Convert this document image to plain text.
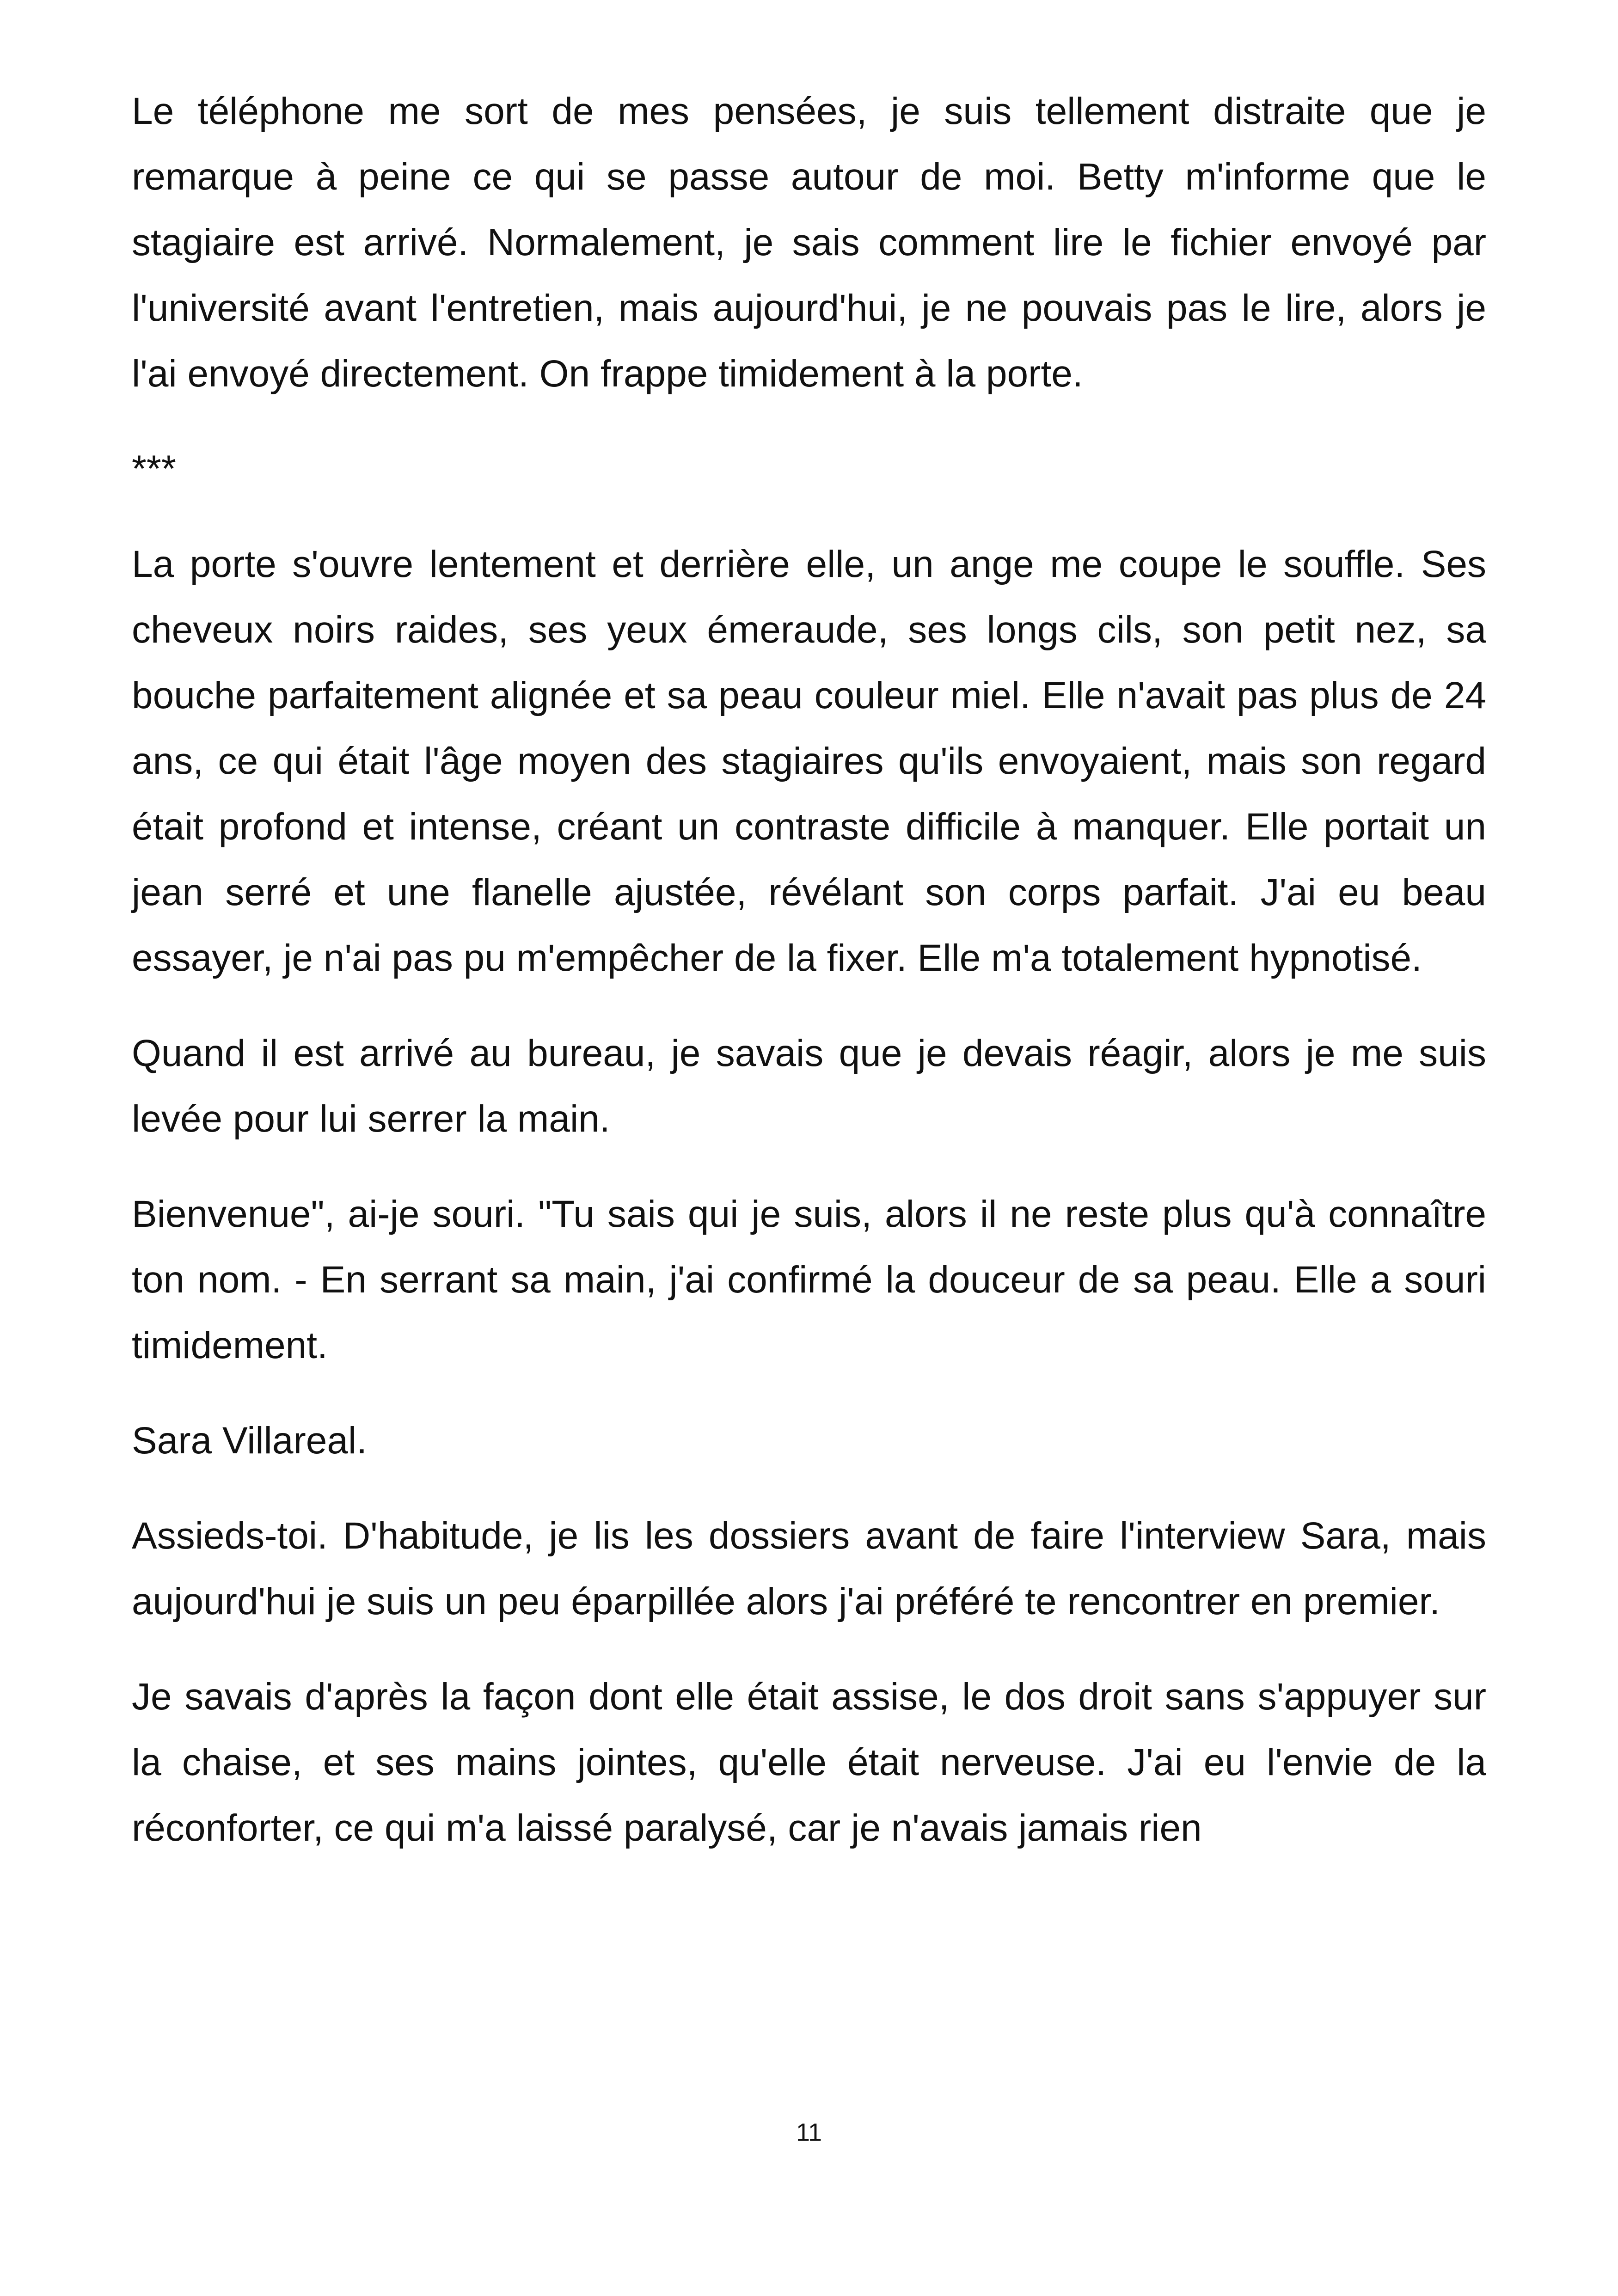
Le téléphone me sort de mes pensées, je suis tellement distraite que je remarque à peine ce qui se passe autour de moi. Betty m'informe que le stagiaire est arrivé. Normalement, je sais comment lire le fichier envoyé par l'université avant l'entretien, mais aujourd'hui, je ne pouvais pas le lire, alors je l'ai envoyé directement. On frappe timidement à la porte.

***

La porte s'ouvre lentement et derrière elle, un ange me coupe le souffle. Ses cheveux noirs raides, ses yeux émeraude, ses longs cils, son petit nez, sa bouche parfaitement alignée et sa peau couleur miel. Elle n'avait pas plus de 24 ans, ce qui était l'âge moyen des stagiaires qu'ils envoyaient, mais son regard était profond et intense, créant un contraste difficile à manquer. Elle portait un jean serré et une flanelle ajustée, révélant son corps parfait. J'ai eu beau essayer, je n'ai pas pu m'empêcher de la fixer. Elle m'a totalement hypnotisé.

Quand il est arrivé au bureau, je savais que je devais réagir, alors je me suis levée pour lui serrer la main.

Bienvenue", ai-je souri. "Tu sais qui je suis, alors il ne reste plus qu'à connaître ton nom. - En serrant sa main, j'ai confirmé la douceur de sa peau. Elle a souri timidement.

Sara Villareal.

Assieds-toi. D'habitude, je lis les dossiers avant de faire l'interview Sara, mais aujourd'hui je suis un peu éparpillée alors j'ai préféré te rencontrer en premier.

Je savais d'après la façon dont elle était assise, le dos droit sans s'appuyer sur la chaise, et ses mains jointes, qu'elle était nerveuse. J'ai eu l'envie de la réconforter, ce qui m'a laissé paralysé, car je n'avais jamais rien

11
